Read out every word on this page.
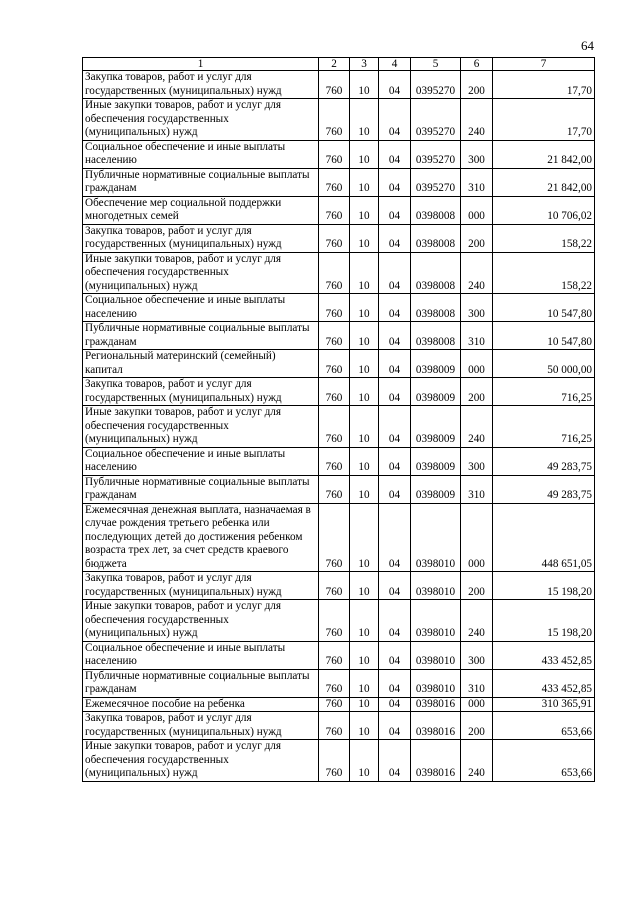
64
1	2	3	4	5	6	7
Закупка товаров, работ и услуг для государственных (муниципальных) нужд	760	10	04	0395270	200	17,70
Иные закупки товаров, работ и услуг для обеспечения государственных (муниципальных) нужд	760	10	04	0395270	240	17,70
Социальное обеспечение и иные выплаты населению	760	10	04	0395270	300	21 842,00
Публичные нормативные социальные выплаты гражданам	760	10	04	0395270	310	21 842,00
Обеспечение мер социальной поддержки многодетных семей	760	10	04	0398008	000	10 706,02
Закупка товаров, работ и услуг для государственных (муниципальных) нужд	760	10	04	0398008	200	158,22
Иные закупки товаров, работ и услуг для обеспечения государственных (муниципальных) нужд	760	10	04	0398008	240	158,22
Социальное обеспечение и иные выплаты населению	760	10	04	0398008	300	10 547,80
Публичные нормативные социальные выплаты гражданам	760	10	04	0398008	310	10 547,80
Региональный материнский (семейный) капитал	760	10	04	0398009	000	50 000,00
Закупка товаров, работ и услуг для государственных (муниципальных) нужд	760	10	04	0398009	200	716,25
Иные закупки товаров, работ и услуг для обеспечения государственных (муниципальных) нужд	760	10	04	0398009	240	716,25
Социальное обеспечение и иные выплаты населению	760	10	04	0398009	300	49 283,75
Публичные нормативные социальные выплаты гражданам	760	10	04	0398009	310	49 283,75
Ежемесячная денежная выплата, назначаемая в случае рождения третьего ребенка или последующих детей до достижения ребенком возраста трех лет, за счет средств краевого бюджета	760	10	04	0398010	000	448 651,05
Закупка товаров, работ и услуг для государственных (муниципальных) нужд	760	10	04	0398010	200	15 198,20
Иные закупки товаров, работ и услуг для обеспечения государственных (муниципальных) нужд	760	10	04	0398010	240	15 198,20
Социальное обеспечение и иные выплаты населению	760	10	04	0398010	300	433 452,85
Публичные нормативные социальные выплаты гражданам	760	10	04	0398010	310	433 452,85
Ежемесячное пособие на ребенка	760	10	04	0398016	000	310 365,91
Закупка товаров, работ и услуг для государственных (муниципальных) нужд	760	10	04	0398016	200	653,66
Иные закупки товаров, работ и услуг для обеспечения государственных (муниципальных) нужд	760	10	04	0398016	240	653,66
